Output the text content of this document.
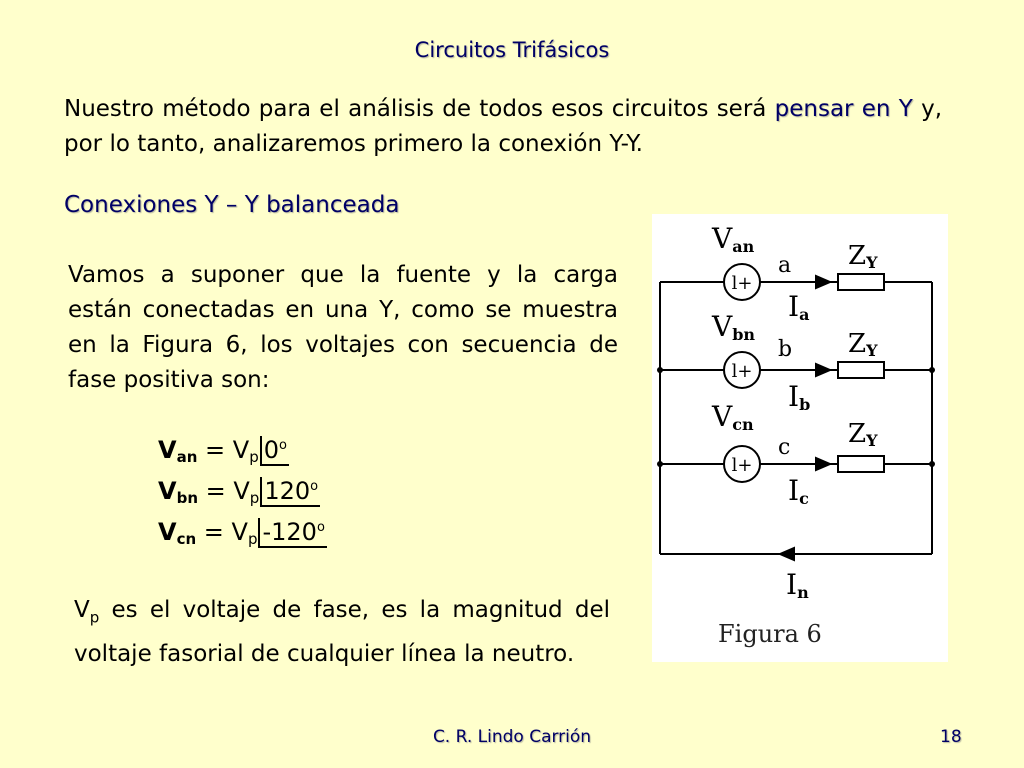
Circuitos Trifásicos
Nuestro método para el análisis de todos esos circuitos será pensar en Y y, por lo tanto, analizaremos primero la conexión Y-Y.
Conexiones Y – Y balanceada
Vamos a suponer que la fuente y la carga están conectadas en una Y, como se muestra en la Figura 6, los voltajes con secuencia de fase positiva son:
$V_{an} = V_p$ 0$^o$
$V_{bn} = V_p$ 120$^o$
$V_{cn} = V_p$ -120$^o$
$V_p$ es el voltaje de fase, es la magnitud del voltaje fasorial de cualquier línea la neutro.
l+
l+
l+
Van
a ZY
Ia
Vbn
b ZY
Ib
Vcn
c ZY
Ic
In
Figura 6
C. R. Lindo Carrión	18
